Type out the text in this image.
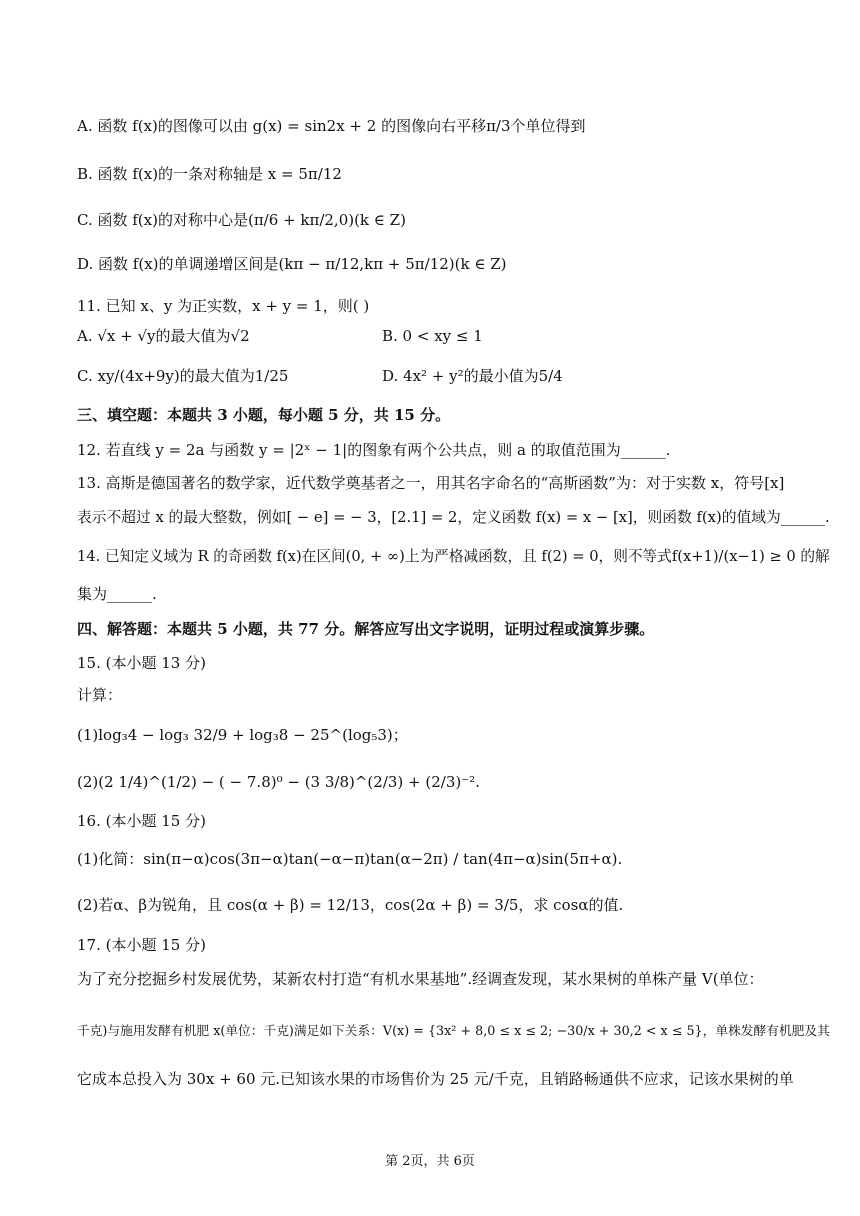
A. 函数 f(x)的图像可以由 g(x) = sin2x + 2 的图像向右平移π/3个单位得到
B. 函数 f(x)的一条对称轴是 x = 5π/12
C. 函数 f(x)的对称中心是(π/6 + kπ/2,0)(k ∈ Z)
D. 函数 f(x)的单调递增区间是(kπ − π/12,kπ + 5π/12)(k ∈ Z)
11. 已知 x、y 为正实数，x + y = 1，则( )
A. √x + √y的最大值为√2	B. 0 < xy ≤ 1
C. xy/(4x+9y)的最大值为1/25	D. 4x² + y²的最小值为5/4
三、填空题：本题共 3 小题，每小题 5 分，共 15 分。
12. 若直线 y = 2a 与函数 y = |2ˣ − 1|的图象有两个公共点，则 a 的取值范围为______.
13. 高斯是德国著名的数学家，近代数学奠基者之一，用其名字命名的“高斯函数”为：对于实数 x，符号[x]
表示不超过 x 的最大整数，例如[ − e] = − 3，[2.1] = 2，定义函数 f(x) = x − [x]，则函数 f(x)的值域为______.
14. 已知定义域为 R 的奇函数 f(x)在区间(0, + ∞)上为严格减函数，且 f(2) = 0，则不等式f(x+1)/(x−1) ≥ 0 的解
集为______.
四、解答题：本题共 5 小题，共 77 分。解答应写出文字说明，证明过程或演算步骤。
15. (本小题 13 分)
计算：
(1)log₃4 − log₃ 32/9 + log₃8 − 25^(log₅3)；
(2)(2 1/4)^(1/2) − ( − 7.8)⁰ − (3 3/8)^(2/3) + (2/3)⁻².
16. (本小题 15 分)
(1)化简：sin(π−α)cos(3π−α)tan(−α−π)tan(α−2π) / tan(4π−α)sin(5π+α).
(2)若α、β为锐角，且 cos(α + β) = 12/13，cos(2α + β) = 3/5，求 cosα的值.
17. (本小题 15 分)
为了充分挖掘乡村发展优势，某新农村打造“有机水果基地”.经调查发现，某水果树的单株产量 V(单位：
千克)与施用发酵有机肥 x(单位：千克)满足如下关系：V(x) = {3x² + 8,0 ≤ x ≤ 2; −30/x + 30,2 < x ≤ 5}，单株发酵有机肥及其
它成本总投入为 30x + 60 元.已知该水果的市场售价为 25 元/千克，且销路畅通供不应求，记该水果树的单
第 2页，共 6页
